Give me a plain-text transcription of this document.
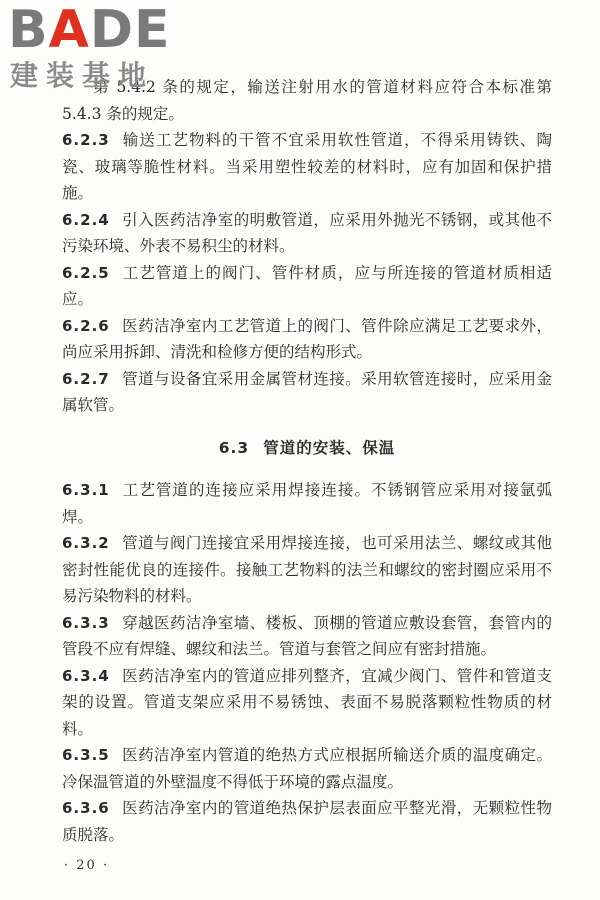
BADE
建装基地

第 5.4.2 条的规定，输送注射用水的管道材料应符合本标准第 5.4.3 条的规定。

6.2.3 输送工艺物料的干管不宜采用软性管道，不得采用铸铁、陶瓷、玻璃等脆性材料。当采用塑性较差的材料时，应有加固和保护措施。

6.2.4 引入医药洁净室的明敷管道，应采用外抛光不锈钢，或其他不污染环境、外表不易积尘的材料。

6.2.5 工艺管道上的阀门、管件材质，应与所连接的管道材质相适应。

6.2.6 医药洁净室内工艺管道上的阀门、管件除应满足工艺要求外，尚应采用拆卸、清洗和检修方便的结构形式。

6.2.7 管道与设备宜采用金属管材连接。采用软管连接时，应采用金属软管。

6.3 管道的安装、保温

6.3.1 工艺管道的连接应采用焊接连接。不锈钢管应采用对接氩弧焊。

6.3.2 管道与阀门连接宜采用焊接连接，也可采用法兰、螺纹或其他密封性能优良的连接件。接触工艺物料的法兰和螺纹的密封圈应采用不易污染物料的材料。

6.3.3 穿越医药洁净室墙、楼板、顶棚的管道应敷设套管，套管内的管段不应有焊缝、螺纹和法兰。管道与套管之间应有密封措施。

6.3.4 医药洁净室内的管道应排列整齐，宜减少阀门、管件和管道支架的设置。管道支架应采用不易锈蚀、表面不易脱落颗粒性物质的材料。

6.3.5 医药洁净室内管道的绝热方式应根据所输送介质的温度确定。冷保温管道的外壁温度不得低于环境的露点温度。

6.3.6 医药洁净室内的管道绝热保护层表面应平整光滑，无颗粒性物质脱落。

· 20 ·
